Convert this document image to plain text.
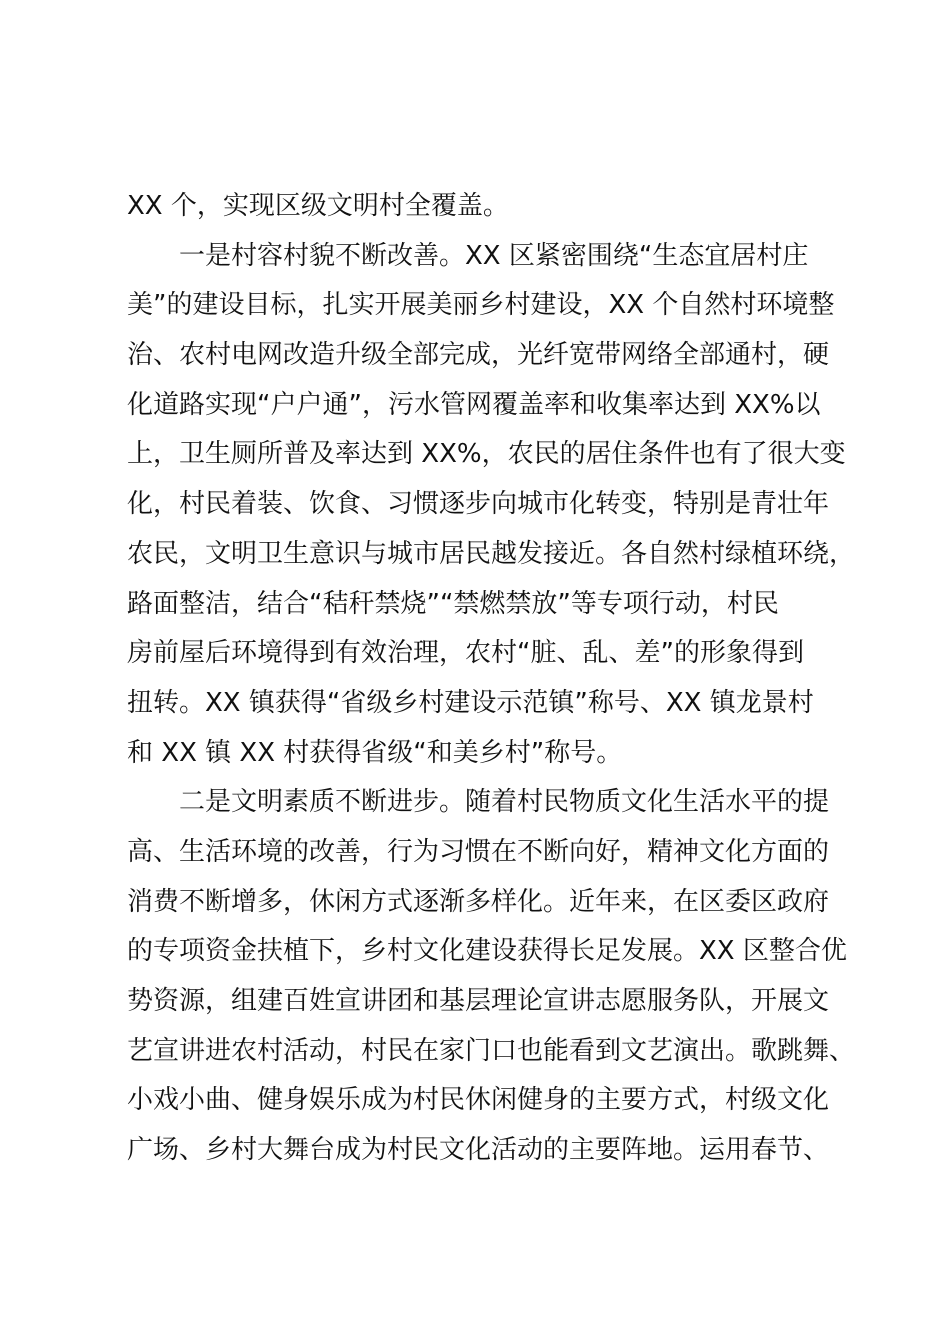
XX 个，实现区级文明村全覆盖。
一是村容村貌不断改善。XX 区紧密围绕“生态宜居村庄
美”的建设目标，扎实开展美丽乡村建设，XX 个自然村环境整
治、农村电网改造升级全部完成，光纤宽带网络全部通村，硬
化道路实现“户户通”，污水管网覆盖率和收集率达到 XX%以
上，卫生厕所普及率达到 XX%，农民的居住条件也有了很大变
化，村民着装、饮食、习惯逐步向城市化转变，特别是青壮年
农民，文明卫生意识与城市居民越发接近。各自然村绿植环绕，
路面整洁，结合“秸秆禁烧”“禁燃禁放”等专项行动，村民
房前屋后环境得到有效治理，农村“脏、乱、差”的形象得到
扭转。XX 镇获得“省级乡村建设示范镇”称号、XX 镇龙景村
和 XX 镇 XX 村获得省级“和美乡村”称号。
二是文明素质不断进步。随着村民物质文化生活水平的提
高、生活环境的改善，行为习惯在不断向好，精神文化方面的
消费不断增多，休闲方式逐渐多样化。近年来，在区委区政府
的专项资金扶植下，乡村文化建设获得长足发展。XX 区整合优
势资源，组建百姓宣讲团和基层理论宣讲志愿服务队，开展文
艺宣讲进农村活动，村民在家门口也能看到文艺演出。歌跳舞、
小戏小曲、健身娱乐成为村民休闲健身的主要方式，村级文化
广场、乡村大舞台成为村民文化活动的主要阵地。运用春节、
